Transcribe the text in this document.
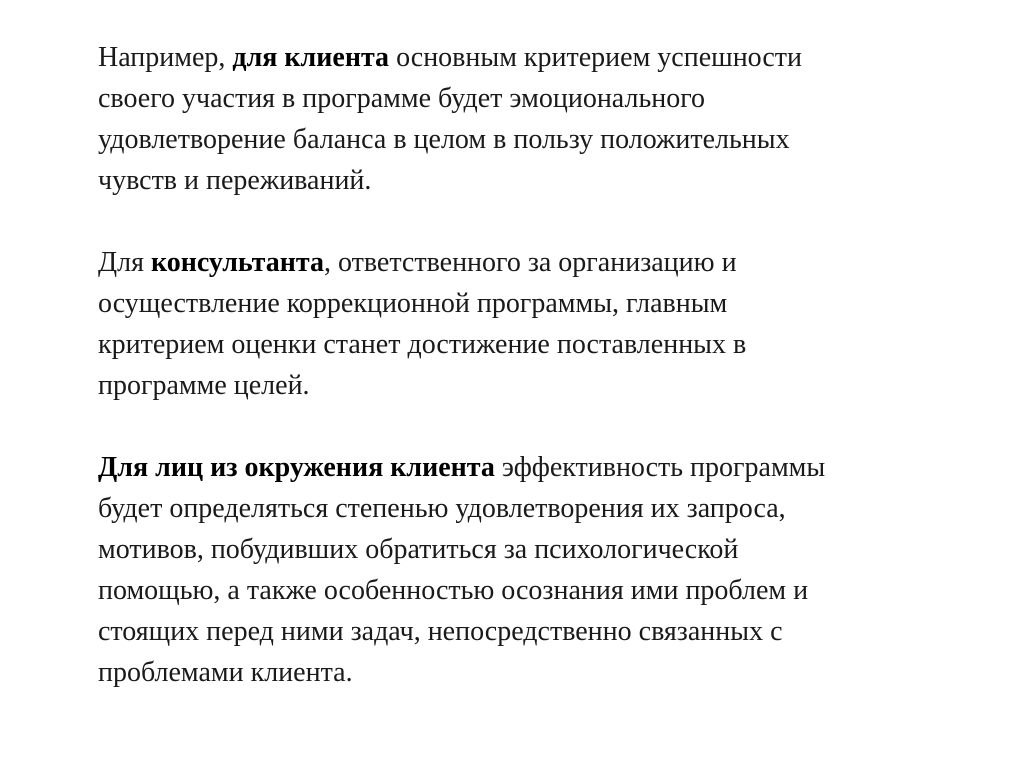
Например, для клиента основным критерием успешности
своего участия в программе будет эмоционального
удовлетворение баланса в целом в пользу положительных
чувств и переживаний.

Для консультанта, ответственного за организацию и
осуществление коррекционной программы, главным
критерием оценки станет достижение поставленных в
программе целей.

Для лиц из окружения клиента эффективность программы
будет определяться степенью удовлетворения их запроса,
мотивов, побудивших обратиться за психологической
помощью, а также особенностью осознания ими проблем и
стоящих перед ними задач, непосредственно связанных с
проблемами клиента.
